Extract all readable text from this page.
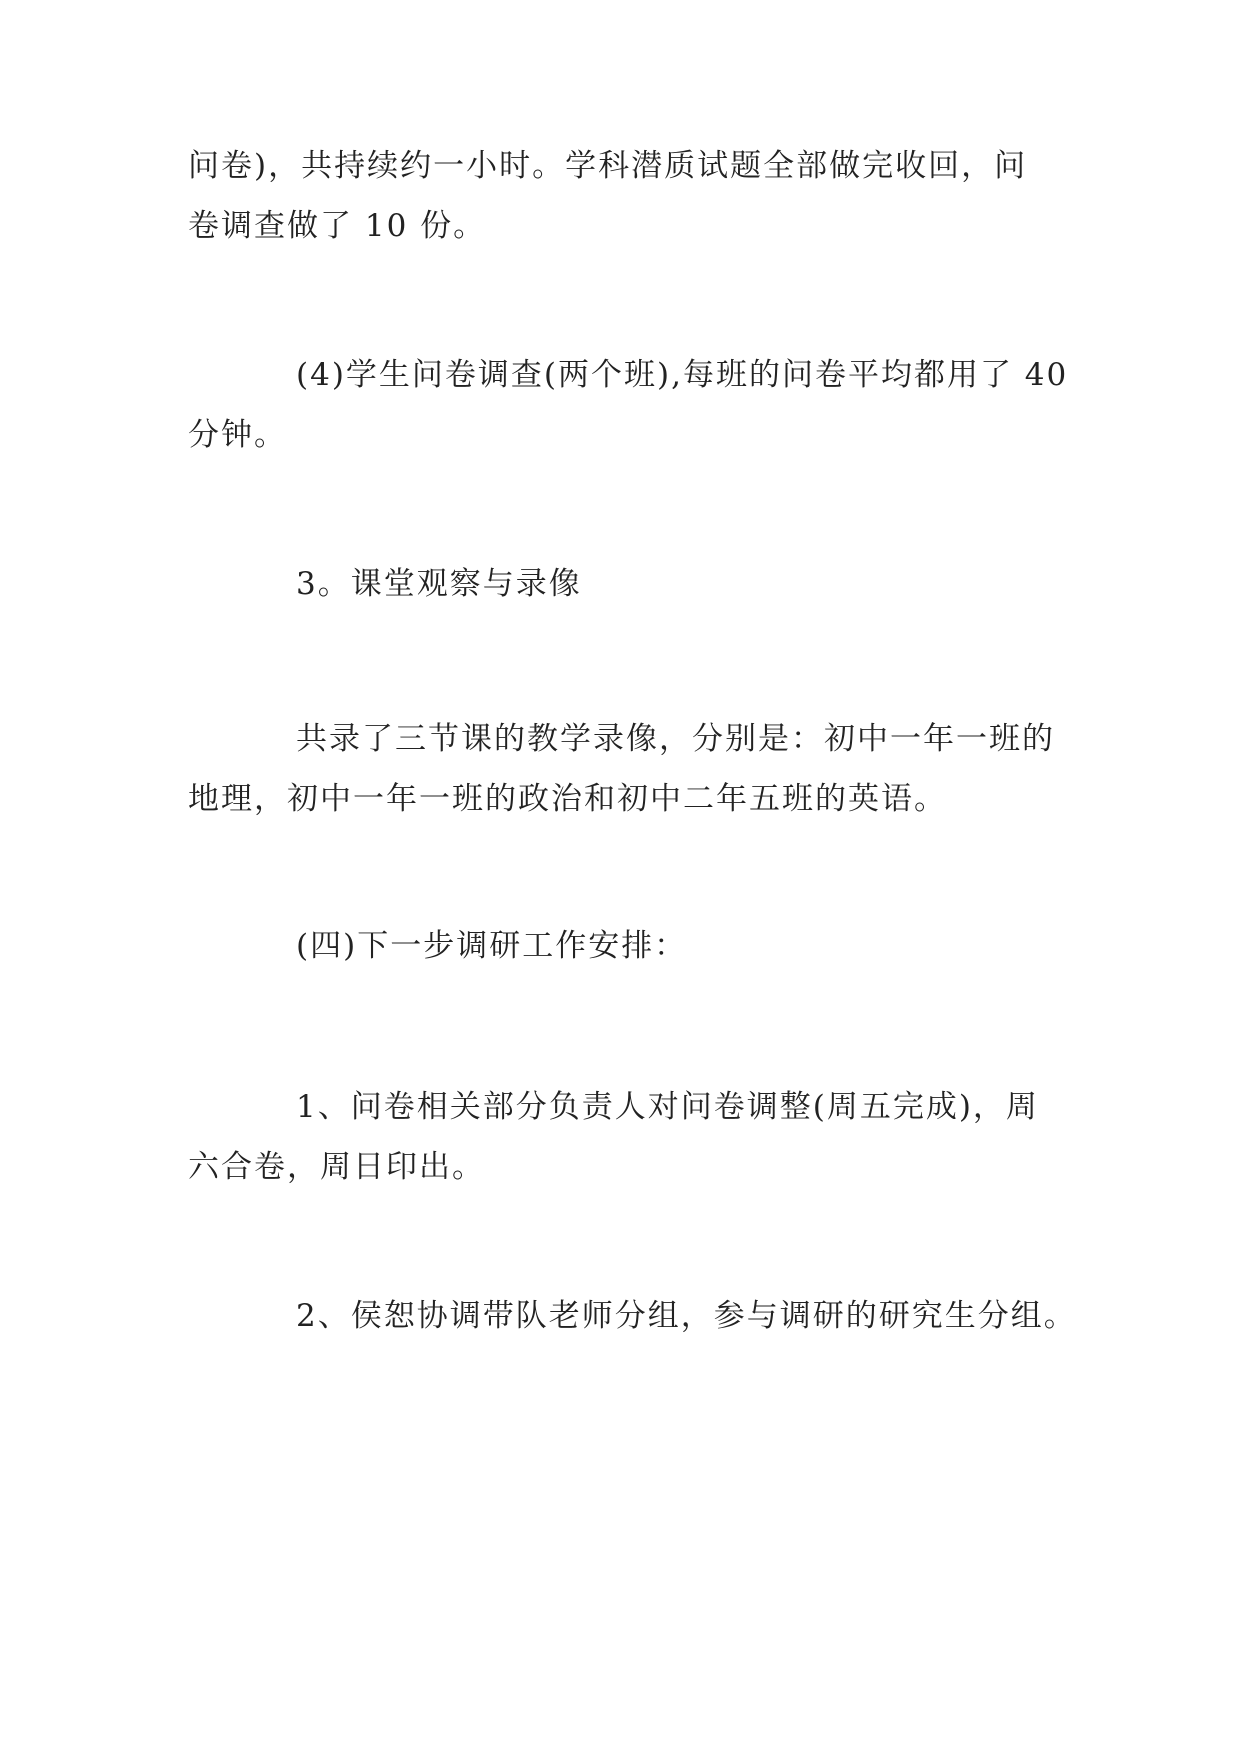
问卷)，共持续约一小时。学科潜质试题全部做完收回，问
卷调查做了 10 份。

(4)学生问卷调查(两个班),每班的问卷平均都用了 40
分钟。

3。课堂观察与录像

共录了三节课的教学录像，分别是：初中一年一班的
地理，初中一年一班的政治和初中二年五班的英语。

(四)下一步调研工作安排：

1、问卷相关部分负责人对问卷调整(周五完成)，周
六合卷，周日印出。

2、侯恕协调带队老师分组，参与调研的研究生分组。
